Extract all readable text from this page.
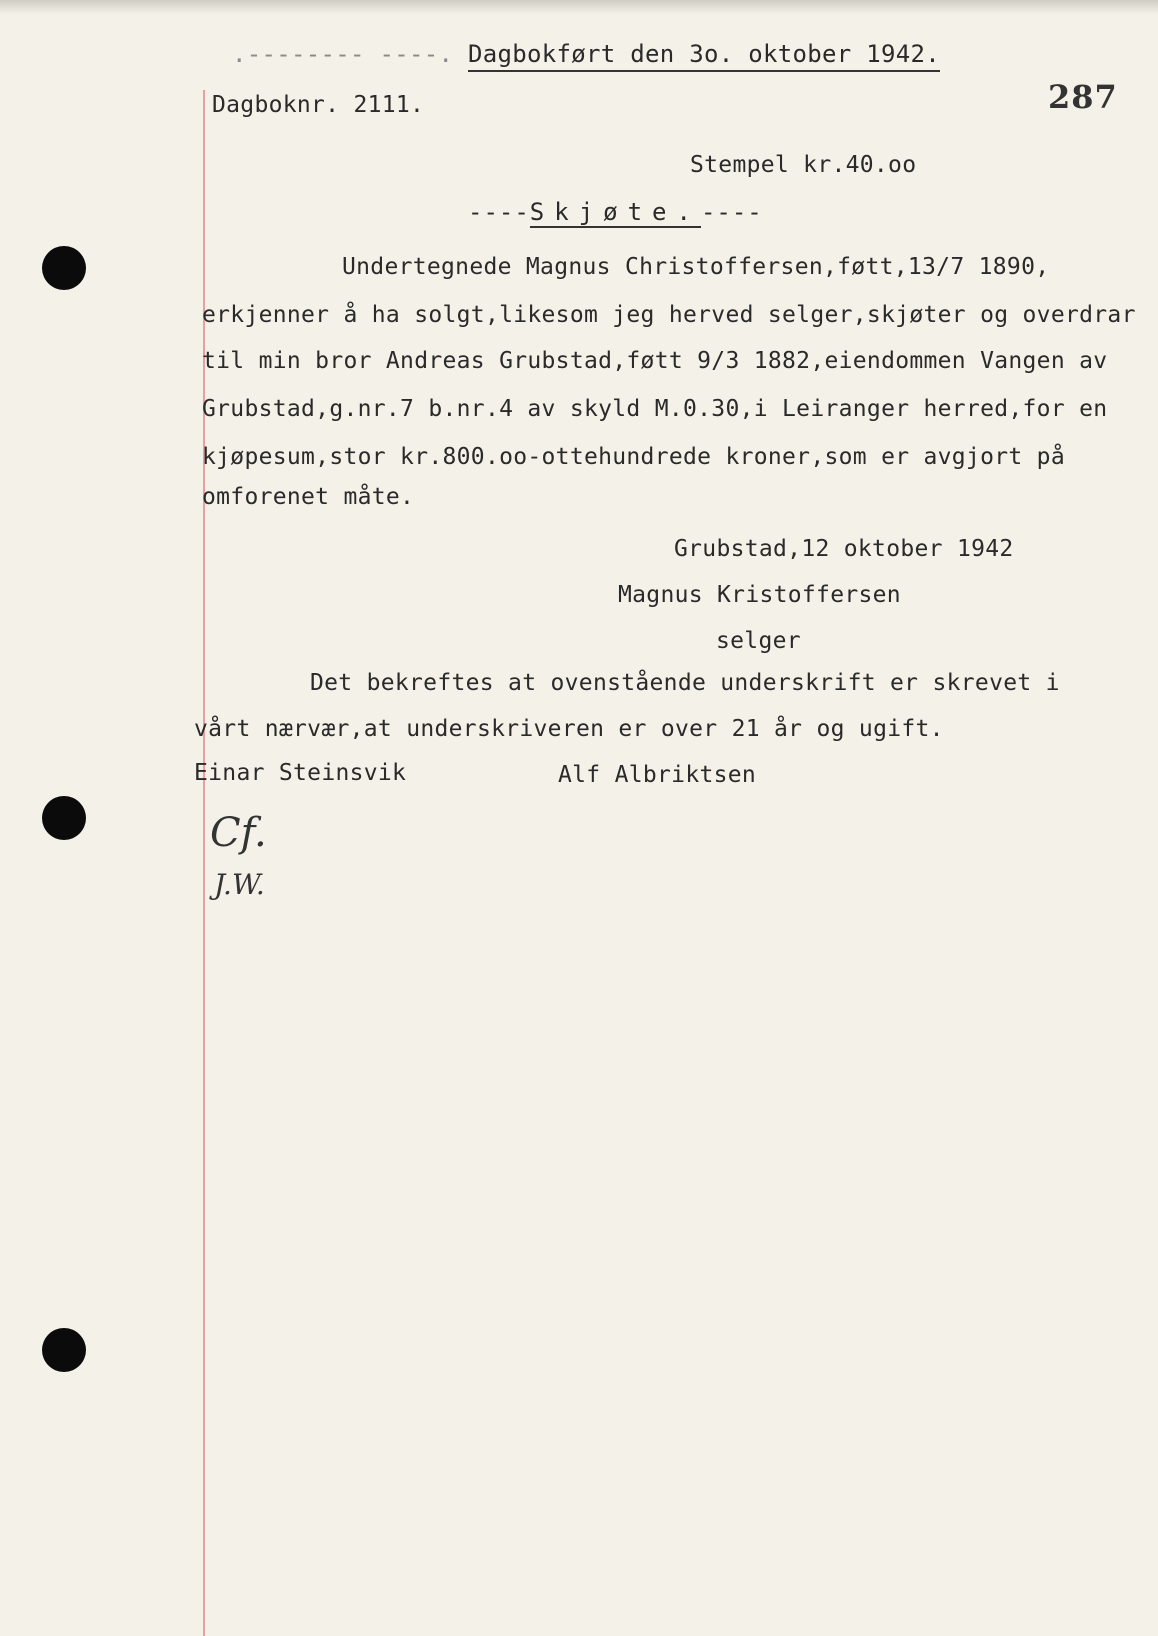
.-------- ----. Dagbokført den 3o. oktober 1942.
287
Dagboknr. 2111.
Stempel kr.40.oo
----Skjøte.----
Undertegnede Magnus Christoffersen,føtt,13/7 1890,
erkjenner å ha solgt,likesom jeg herved selger,skjøter og overdrar
til min bror Andreas Grubstad,føtt 9/3 1882,eiendommen Vangen av
Grubstad,g.nr.7 b.nr.4 av skyld M.0.30,i Leiranger herred,for en
kjøpesum,stor kr.800.oo-ottehundrede kroner,som er avgjort på
omforenet måte.
Grubstad,12 oktober 1942
Magnus Kristoffersen
selger
Det bekreftes at ovenstående underskrift er skrevet i
vårt nærvær,at underskriveren er over 21 år og ugift.
Einar Steinsvik	Alf Albriktsen
Cf.
J.W.
